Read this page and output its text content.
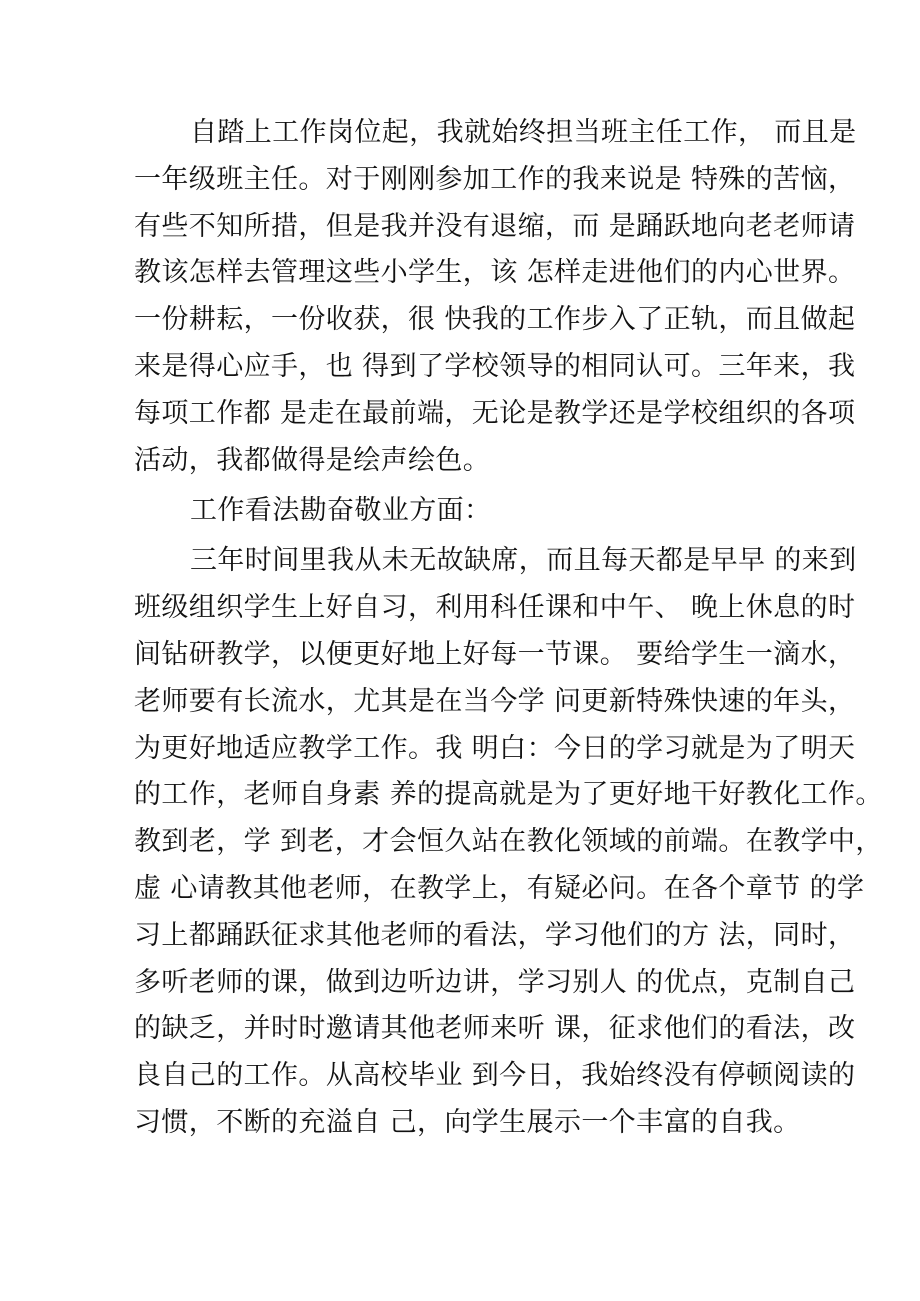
自踏上工作岗位起，我就始终担当班主任工作， 而且是
一年级班主任。对于刚刚参加工作的我来说是 特殊的苦恼，
有些不知所措，但是我并没有退缩，而 是踊跃地向老老师请
教该怎样去管理这些小学生，该 怎样走进他们的内心世界。
一份耕耘，一份收获，很 快我的工作步入了正轨，而且做起
来是得心应手，也 得到了学校领导的相同认可。三年来，我
每项工作都 是走在最前端，无论是教学还是学校组织的各项
活动，我都做得是绘声绘色。
工作看法勘奋敬业方面：
三年时间里我从未无故缺席，而且每天都是早早 的来到
班级组织学生上好自习，利用科任课和中午、 晚上休息的时
间钻研教学，以便更好地上好每一节课。 要给学生一滴水，
老师要有长流水，尤其是在当今学 问更新特殊快速的年头，
为更好地适应教学工作。我 明白：今日的学习就是为了明天
的工作，老师自身素 养的提高就是为了更好地干好教化工作。
教到老，学 到老，才会恒久站在教化领域的前端。在教学中，
虚 心请教其他老师，在教学上，有疑必问。在各个章节 的学
习上都踊跃征求其他老师的看法，学习他们的方 法，同时，
多听老师的课，做到边听边讲，学习别人 的优点，克制自己
的缺乏，并时时邀请其他老师来听 课，征求他们的看法，改
良自己的工作。从高校毕业 到今日，我始终没有停顿阅读的
习惯，不断的充溢自 己，向学生展示一个丰富的自我。
